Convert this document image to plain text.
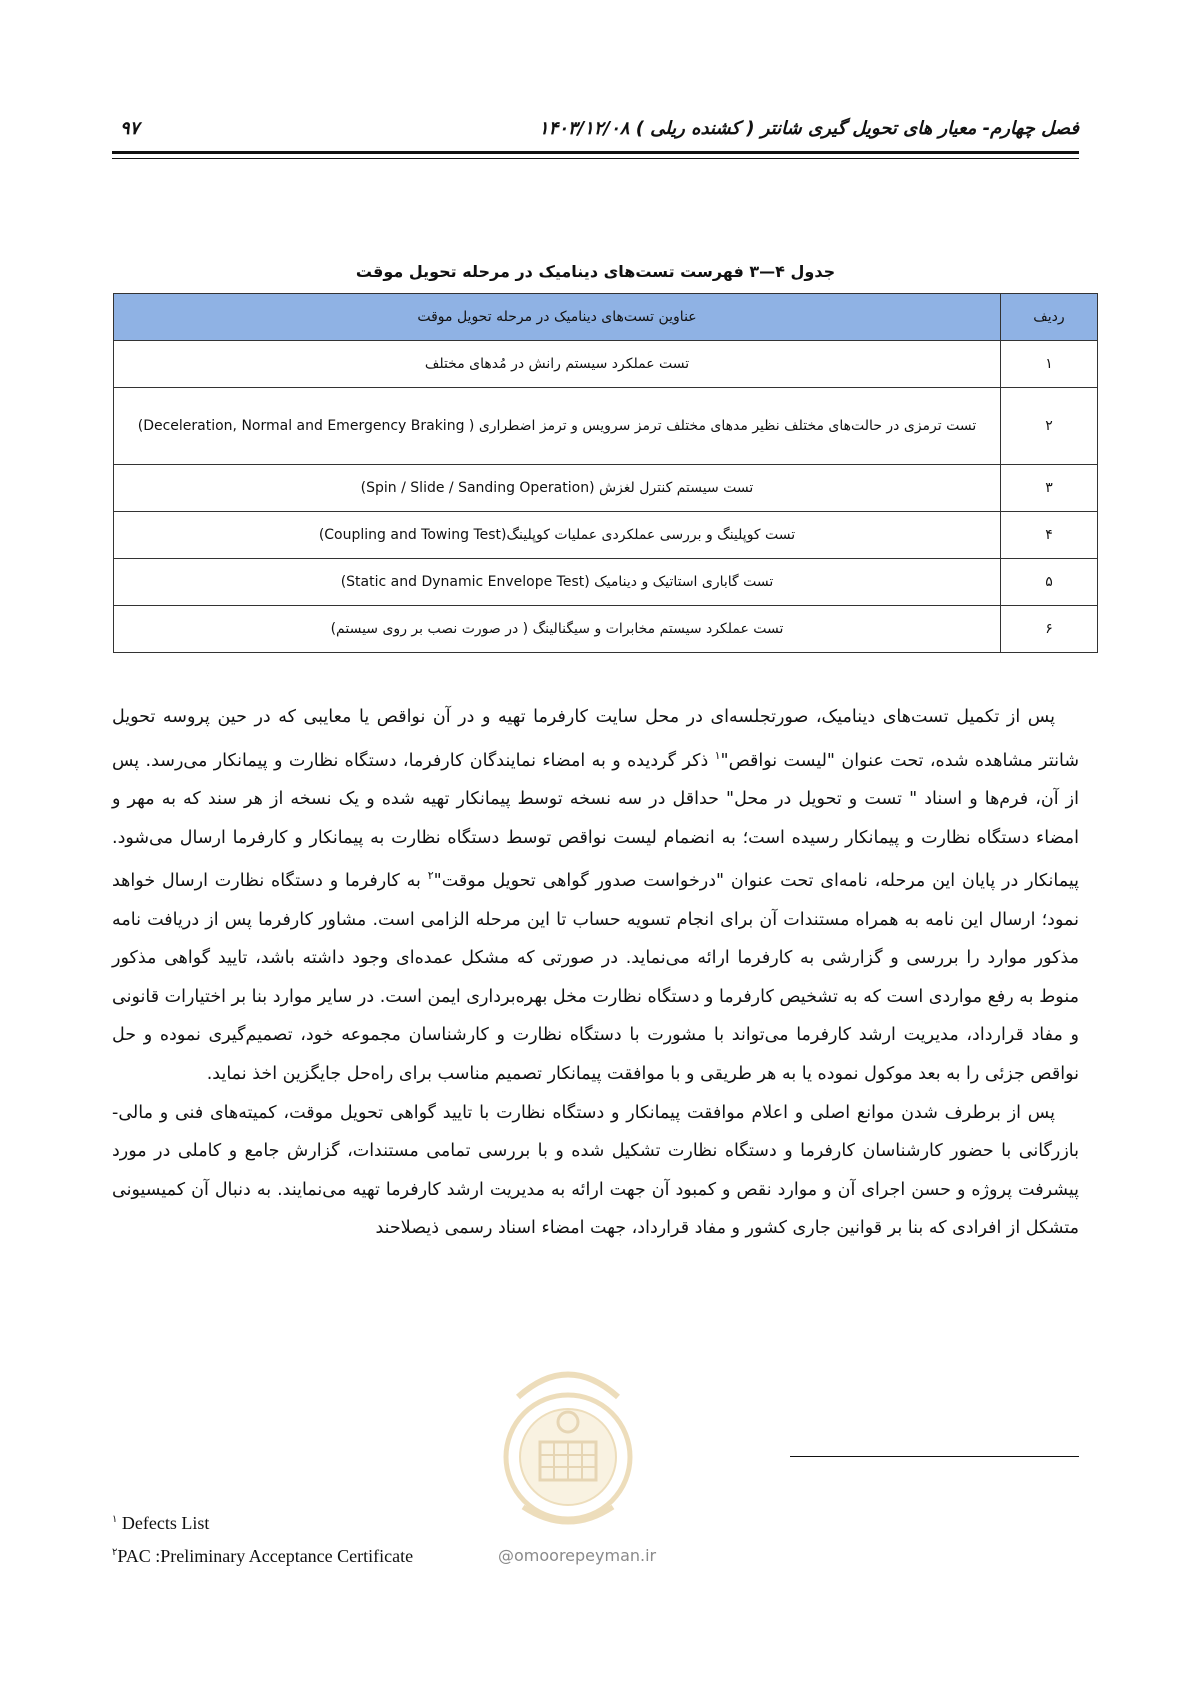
فصل چهارم- معیار های تحویل گیری شانتر ( کشنده ریلی ) ۱۴۰۳/۱۲/۰۸
۹۷
جدول ۴—۳ فهرست تست‌های دینامیک در مرحله تحویل موقت
ردیف	عناوین تست‌های دینامیک در مرحله تحویل موقت
۱	تست عملکرد سیستم رانش در مُدهای مختلف
۲	تست ترمزی در حالت‌های مختلف نظیر مدهای مختلف ترمز سرویس و ترمز اضطراری ( Deceleration, Normal and Emergency Braking)
۳	تست سیستم کنترل لغزش (Spin / Slide / Sanding Operation)
۴	تست کوپلینگ و بررسی عملکردی عملیات کوپلینگ(Coupling and Towing Test)
۵	تست گاباری استاتیک و دینامیک (Static and Dynamic Envelope Test)
۶	تست عملکرد سیستم مخابرات و سیگنالینگ ( در صورت نصب بر روی سیستم)

پس از تکمیل تست‌های دینامیک، صورتجلسه‌ای در محل سایت کارفرما تهیه و در آن نواقص یا معایبی که در حین پروسه تحویل شانتر مشاهده شده، تحت عنوان "لیست نواقص"$^۱$ ذکر گردیده و به امضاء نمایندگان کارفرما، دستگاه نظارت و پیمانکار می‌رسد. پس از آن، فرم‌ها و اسناد " تست و تحویل در محل" حداقل در سه نسخه توسط پیمانکار تهیه شده و یک نسخه از هر سند که به مهر و امضاء دستگاه نظارت و پیمانکار رسیده است؛ به انضمام لیست نواقص توسط دستگاه نظارت به پیمانکار و کارفرما ارسال می‌شود. پیمانکار در پایان این مرحله، نامه‌ای تحت عنوان "درخواست صدور گواهی تحویل موقت"$^۲$ به کارفرما و دستگاه نظارت ارسال خواهد نمود؛ ارسال این نامه به همراه مستندات آن برای انجام تسویه حساب تا این مرحله الزامی است. مشاور کارفرما پس از دریافت نامه مذکور موارد را بررسی و گزارشی به کارفرما ارائه می‌نماید. در صورتی که مشکل عمده‌ای وجود داشته باشد، تایید گواهی مذکور منوط به رفع مواردی است که به تشخیص کارفرما و دستگاه نظارت مخل بهره‌برداری ایمن است. در سایر موارد بنا بر اختیارات قانونی و مفاد قرارداد، مدیریت ارشد کارفرما می‌تواند با مشورت با دستگاه نظارت و کارشناسان مجموعه خود، تصمیم‌گیری نموده و حل نواقص جزئی را به بعد موکول نموده یا به هر طریقی و با موافقت پیمانکار تصمیم مناسب برای راه‌حل جایگزین اخذ نماید.

پس از برطرف شدن موانع اصلی و اعلام موافقت پیمانکار و دستگاه نظارت با تایید گواهی تحویل موقت، کمیته‌های فنی و مالی- بازرگانی با حضور کارشناسان کارفرما و دستگاه نظارت تشکیل شده و با بررسی تمامی مستندات، گزارش جامع و کاملی در مورد پیشرفت پروژه و حسن اجرای آن و موارد نقص و کمبود آن جهت ارائه به مدیریت ارشد کارفرما تهیه می‌نمایند. به دنبال آن کمیسیونی متشکل از افرادی که بنا بر قوانین جاری کشور و مفاد قرارداد، جهت امضاء اسناد رسمی ذیصلاحند

$^۱$ Defects List
$^۲$PAC :Preliminary Acceptance Certificate	@omoorepeyman.ir
